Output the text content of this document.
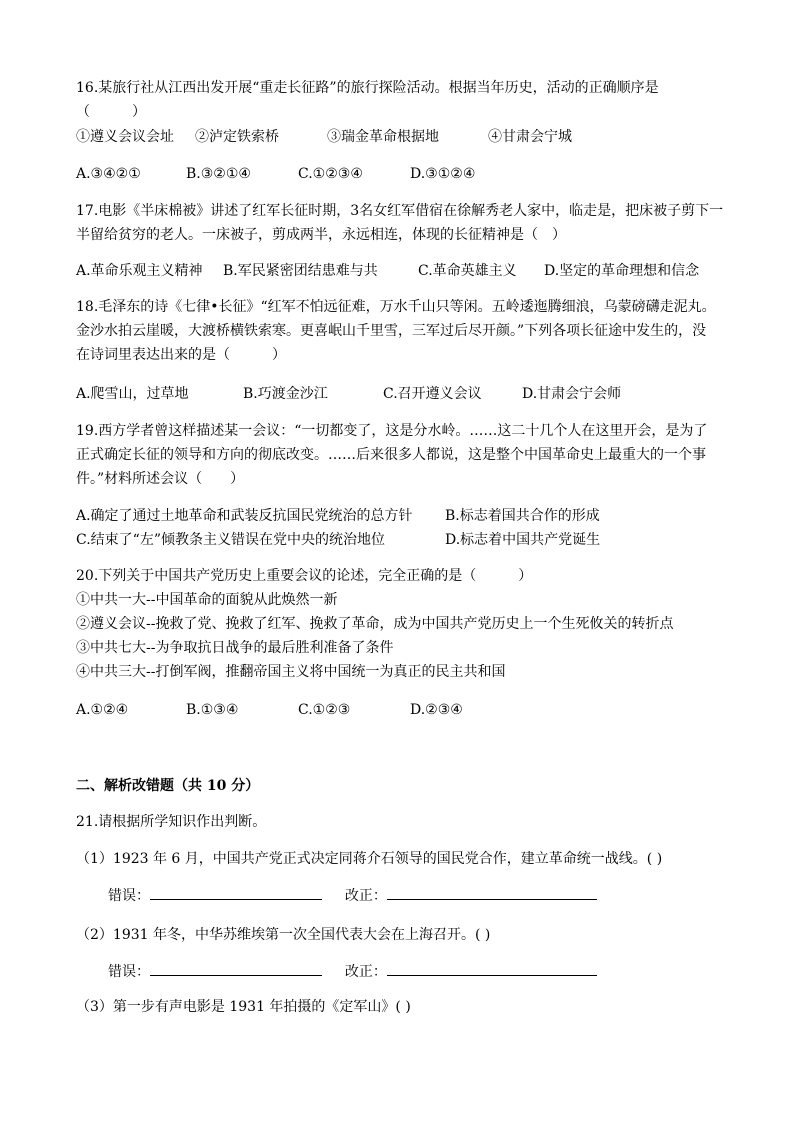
16.某旅行社从江西出发开展“重走长征路”的旅行探险活动。根据当年历史，活动的正确顺序是
（　　　）
①遵义会议会址 ②泸定铁索桥	③瑞金革命根据地	④甘肃会宁城
A.③④②①	B.③②①④	C.①②③④	D.③①②④
17.电影《半床棉被》讲述了红军长征时期，3名女红军借宿在徐解秀老人家中，临走是，把床被子剪下一
半留给贫穷的老人。一床被子，剪成两半，永远相连，体现的长征精神是（　）
A.革命乐观主义精神 B.军民紧密团结患难与共	C.革命英雄主义 D.坚定的革命理想和信念
18.毛泽东的诗《七律•长征》“红军不怕远征难，万水千山只等闲。五岭逶迤腾细浪，乌蒙磅礴走泥丸。
金沙水拍云崖暖，大渡桥横铁索寒。更喜岷山千里雪，三军过后尽开颜。”下列各项长征途中发生的，没
在诗词里表达出来的是（　　　）
A.爬雪山，过草地	B.巧渡金沙江	C.召开遵义会议	D.甘肃会宁会师
19.西方学者曾这样描述某一会议：“一切都变了，这是分水岭。……这二十几个人在这里开会，是为了
正式确定长征的领导和方向的彻底改变。……后来很多人都说，这是整个中国革命史上最重大的一个事
件。”材料所述会议（　　）
A.确定了通过土地革命和武装反抗国民党统治的总方针 B.标志着国共合作的形成
C.结束了“左”倾教条主义错误在党中央的统治地位	D.标志着中国共产党诞生
20.下列关于中国共产党历史上重要会议的论述，完全正确的是（　　　）
①中共一大--中国革命的面貌从此焕然一新
②遵义会议--挽救了党、挽救了红军、挽救了革命，成为中国共产党历史上一个生死攸关的转折点
③中共七大--为争取抗日战争的最后胜利准备了条件
④中共三大--打倒军阀，推翻帝国主义将中国统一为真正的民主共和国
A.①②④	B.①③④	C.①②③	D.②③④
二、解析改错题（共 10 分）
21.请根据所学知识作出判断。
（1）1923 年 6 月，中国共产党正式决定同蒋介石领导的国民党合作，建立革命统一战线。( )
错误：	改正：
（2）1931 年冬，中华苏维埃第一次全国代表大会在上海召开。( )
错误：	改正：
（3）第一步有声电影是 1931 年拍摄的《定军山》( )
